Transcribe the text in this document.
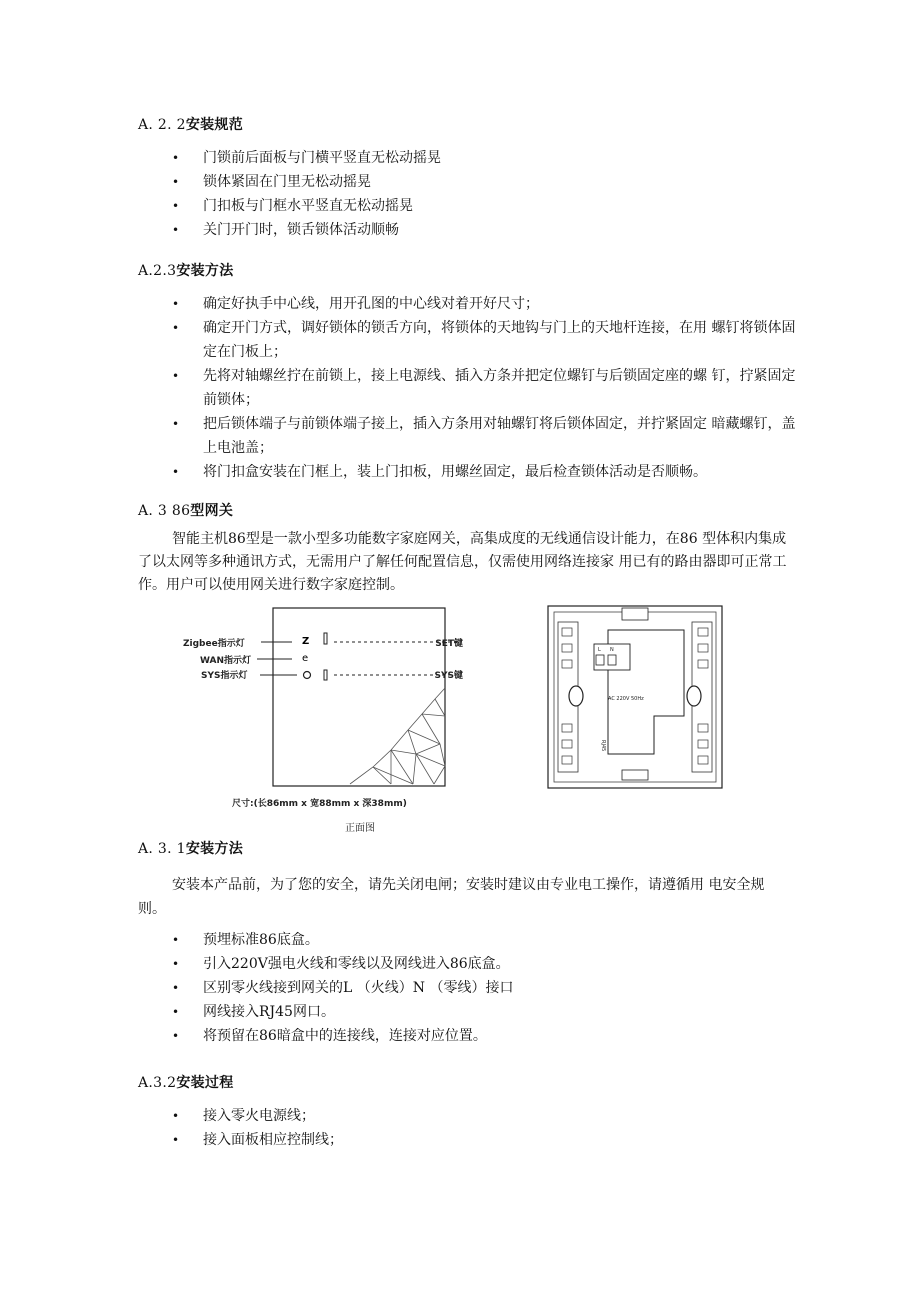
A. 2. 2安装规范
• 门锁前后面板与门横平竖直无松动摇晃
• 锁体紧固在门里无松动摇晃
• 门扣板与门框水平竖直无松动摇晃
• 关门开门时，锁舌锁体活动顺畅
A.2.3安装方法
• 确定好执手中心线，用开孔图的中心线对着开好尺寸；
• 确定开门方式，调好锁体的锁舌方向，将锁体的天地钩与门上的天地杆连接，在用 螺钉将锁体固定在门板上；
• 先将对轴螺丝拧在前锁上，接上电源线、插入方条并把定位螺钉与后锁固定座的螺 钉，拧紧固定前锁体；
• 把后锁体端子与前锁体端子接上，插入方条用对轴螺钉将后锁体固定，并拧紧固定 暗藏螺钉，盖上电池盖；
• 将门扣盒安装在门框上，装上门扣板，用螺丝固定，最后检查锁体活动是否顺畅。
A. 3 86型网关
智能主机86型是一款小型多功能数字家庭网关，高集成度的无线通信设计能力，在86 型体积内集成了以太网等多种通讯方式，无需用户了解任何配置信息，仅需使用网络连接家 用已有的路由器即可正常工作。用户可以使用网关进行数字家庭控制。
Z
e
Zigbee指示灯
WAN指示灯
SYS指示灯
SET键
SYS键
尺寸:(长86mm x 宽88mm x 深38mm)
正面图
L N
AC 220V 50Hz
RJ45
A. 3. 1安装方法
安装本产品前，为了您的安全，请先关闭电闸；安装时建议由专业电工操作，请遵循用 电安全规则。
• 预埋标准86底盒。
• 引入220V强电火线和零线以及网线进入86底盒。
• 区别零火线接到网关的L （火线）N （零线）接口
• 网线接入RJ45网口。
• 将预留在86暗盒中的连接线，连接对应位置。
A.3.2安装过程
• 接入零火电源线；
• 接入面板相应控制线；
